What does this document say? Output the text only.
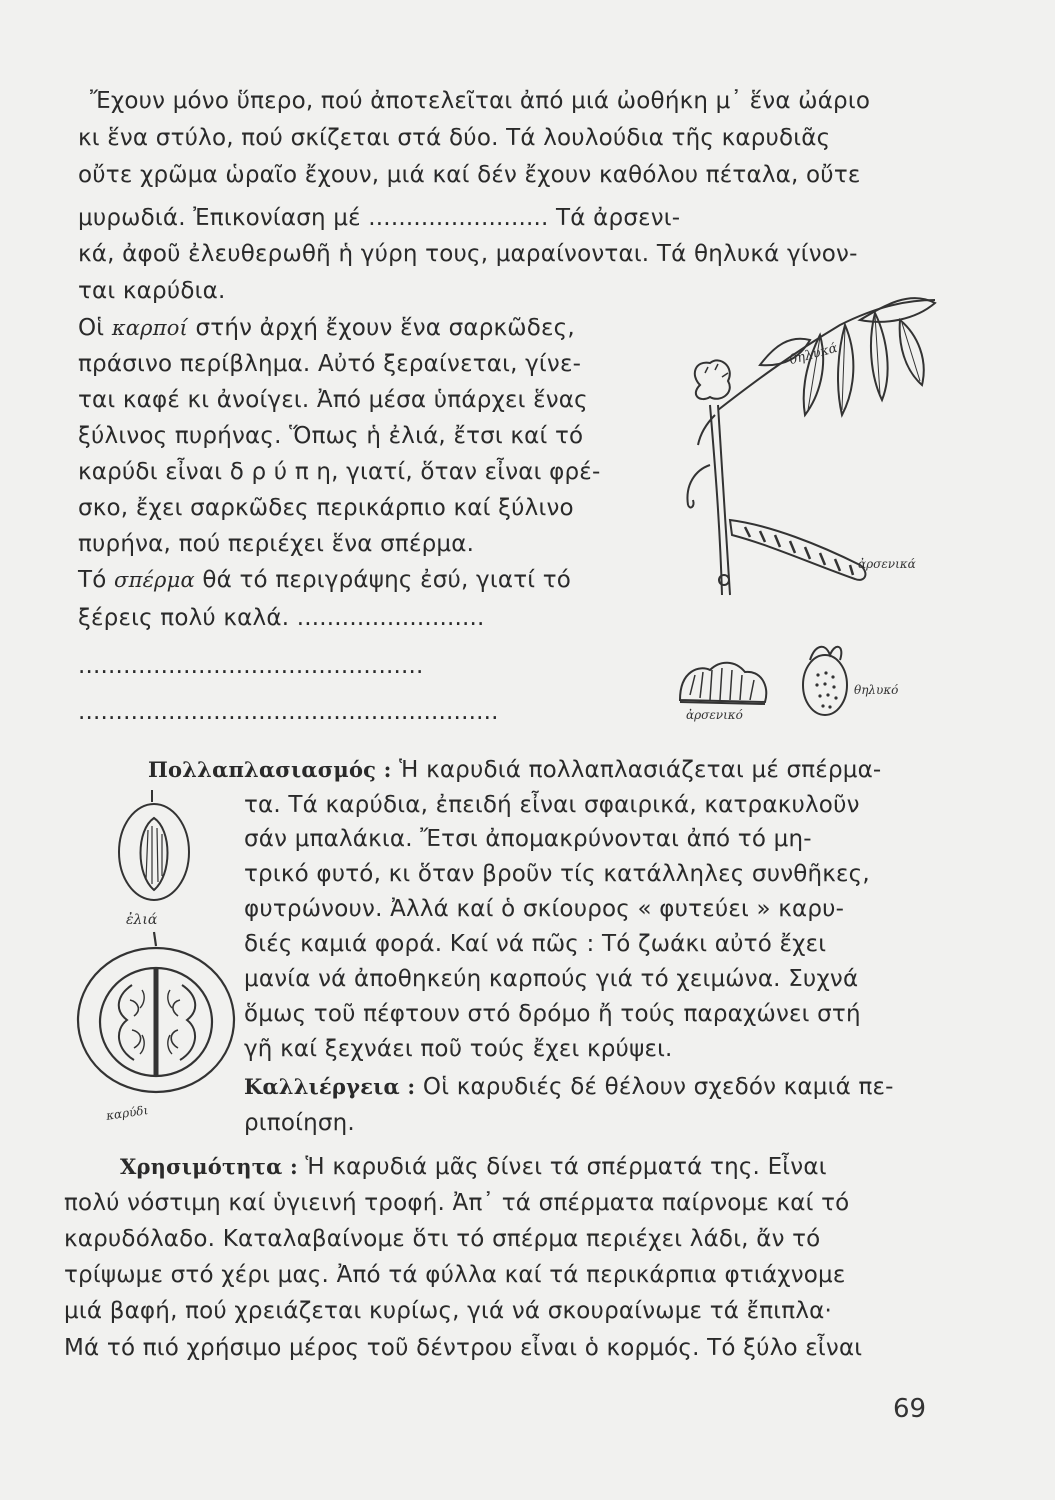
Ἔχουν μόνο ὕπερο, πού ἀποτελεῖται ἀπό μιά ὠοθήκη μ᾽ ἕνα ὠάριο
κι ἕνα στύλο, πού σκίζεται στά δύο. Τά λουλούδια τῆς καρυδιᾶς
οὔτε χρῶμα ὡραῖο ἔχουν, μιά καί δέν ἔχουν καθόλου πέταλα, οὔτε
μυρωδιά. Ἐπικονίαση μέ ........................ Τά ἀρσενι-
κά, ἀφοῦ ἐλευθερωθῆ ἡ γύρη τους, μαραίνονται. Τά θηλυκά γίνον-
ται καρύδια.
Οἱ καρποί στήν ἀρχή ἔχουν ἕνα σαρκῶδες,
πράσινο περίβλημα. Αὐτό ξεραίνεται, γίνε-
ται καφέ κι ἀνοίγει. Ἀπό μέσα ὑπάρχει ἕνας
ξύλινος πυρήνας. Ὅπως ἡ ἐλιά, ἔτσι καί τό
καρύδι εἶναι δ ρ ύ π η, γιατί, ὅταν εἶναι φρέ-
σκο, ἔχει σαρκῶδες περικάρπιο καί ξύλινο
πυρήνα, πού περιέχει ἕνα σπέρμα.
Τό σπέρμα θά τό περιγράψης ἐσύ, γιατί τό
ξέρεις πολύ καλά. .........................
..............................................
........................................................
Πολλαπλασιασμός : Ἡ καρυδιά πολλαπλασιάζεται μέ σπέρμα-
τα. Τά καρύδια, ἐπειδή εἶναι σφαιρικά, κατρακυλοῦν
σάν μπαλάκια. Ἔτσι ἀπομακρύνονται ἀπό τό μη-
τρικό φυτό, κι ὅταν βροῦν τίς κατάλληλες συνθῆκες,
φυτρώνουν. Ἀλλά καί ὁ σκίουρος « φυτεύει » καρυ-
διές καμιά φορά. Καί νά πῶς : Τό ζωάκι αὐτό ἔχει
μανία νά ἀποθηκεύη καρπούς γιά τό χειμώνα. Συχνά
ὅμως τοῦ πέφτουν στό δρόμο ἤ τούς παραχώνει στή
γῆ καί ξεχνάει ποῦ τούς ἔχει κρύψει.
Καλλιέργεια : Οἱ καρυδιές δέ θέλουν σχεδόν καμιά πε-
ριποίηση.
Χρησιμότητα : Ἡ καρυδιά μᾶς δίνει τά σπέρματά της. Εἶναι
πολύ νόστιμη καί ὑγιεινή τροφή. Ἀπ᾽ τά σπέρματα παίρνομε καί τό
καρυδόλαδο. Καταλαβαίνομε ὅτι τό σπέρμα περιέχει λάδι, ἄν τό
τρίψωμε στό χέρι μας. Ἀπό τά φύλλα καί τά περικάρπια φτιάχνομε
μιά βαφή, πού χρειάζεται κυρίως, γιά νά σκουραίνωμε τά ἔπιπλα·
Μά τό πιό χρήσιμο μέρος τοῦ δέντρου εἶναι ὁ κορμός. Τό ξύλο εἶναι
69
θηλυκά
ἀρσενικά
ἀρσενικό
θηλυκό
ἐλιά
καρύδι
